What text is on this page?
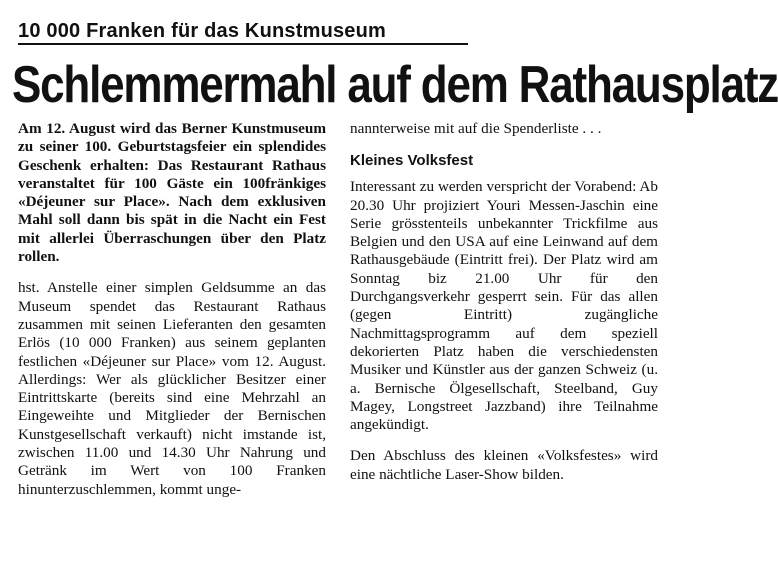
10 000 Franken für das Kunstmuseum
Schlemmermahl auf dem Rathausplatz

Am 12. August wird das Berner Kunstmuseum zu seiner 100. Geburtstagsfeier ein splendides Geschenk erhalten: Das Restaurant Rathaus veranstaltet für 100 Gäste ein 100fränkiges «Déjeuner sur Place». Nach dem exklusiven Mahl soll dann bis spät in die Nacht ein Fest mit allerlei Überraschungen über den Platz rollen.

hst. Anstelle einer simplen Geldsumme an das Museum spendet das Restaurant Rathaus zusammen mit seinen Lieferanten den gesamten Erlös (10 000 Franken) aus seinem geplanten festlichen «Déjeuner sur Place» vom 12. August. Allerdings: Wer als glücklicher Besitzer einer Eintrittskarte (bereits sind eine Mehrzahl an Eingeweihte und Mitglieder der Bernischen Kunstgesellschaft verkauft) nicht imstande ist, zwischen 11.00 und 14.30 Uhr Nahrung und Getränk im Wert von 100 Franken hinunterzuschlemmen, kommt unge-

nannterweise mit auf die Spenderliste . . .

Kleines Volksfest

Interessant zu werden verspricht der Vorabend: Ab 20.30 Uhr projiziert Youri Messen-Jaschin eine Serie grösstenteils unbekannter Trickfilme aus Belgien und den USA auf eine Leinwand auf dem Rathausgebäude (Eintritt frei). Der Platz wird am Sonntag biz 21.00 Uhr für den Durchgangsverkehr gesperrt sein. Für das allen (gegen Eintritt) zugängliche Nachmittagsprogramm auf dem speziell dekorierten Platz haben die verschiedensten Musiker und Künstler aus der ganzen Schweiz (u. a. Bernische Ölgesellschaft, Steelband, Guy Magey, Longstreet Jazzband) ihre Teilnahme angekündigt.

Den Abschluss des kleinen «Volksfestes» wird eine nächtliche Laser-Show bilden.
